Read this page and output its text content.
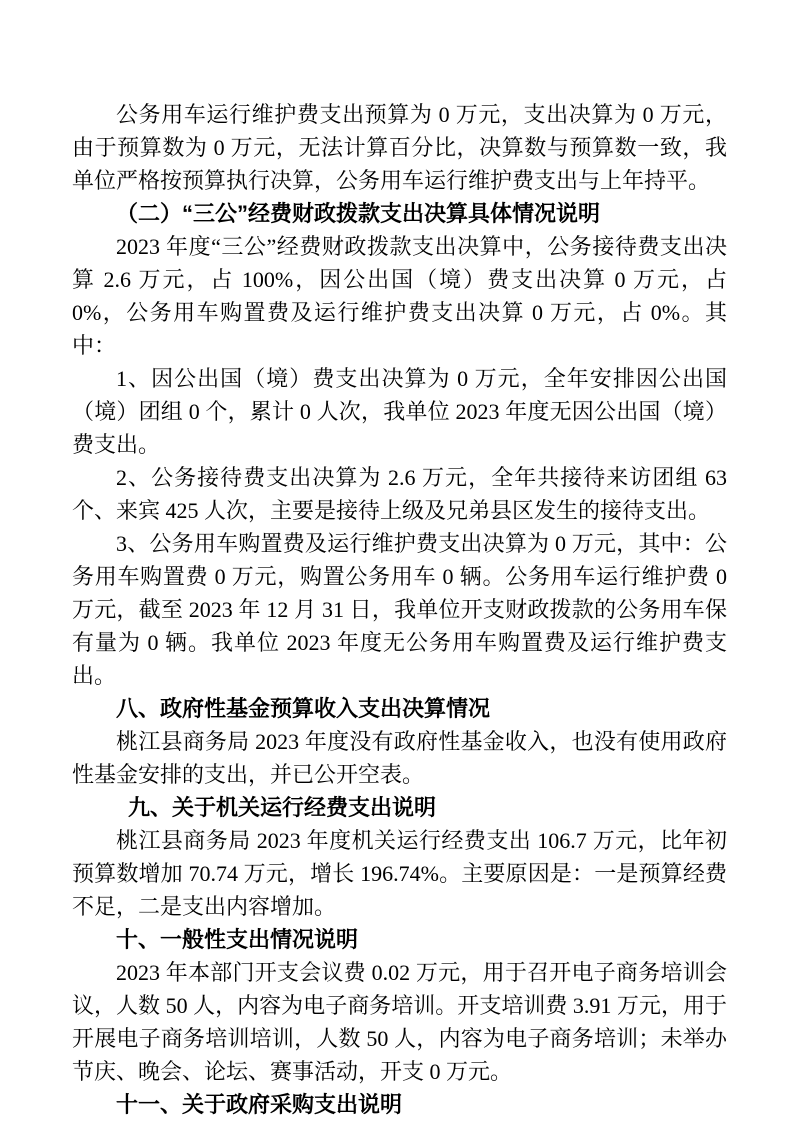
公务用车运行维护费支出预算为 0 万元，支出决算为 0 万元，由于预算数为 0 万元，无法计算百分比，决算数与预算数一致，我单位严格按预算执行决算，公务用车运行维护费支出与上年持平。

（二）“三公”经费财政拨款支出决算具体情况说明

2023 年度“三公”经费财政拨款支出决算中，公务接待费支出决算 2.6 万元，占 100%，因公出国（境）费支出决算 0 万元，占 0%，公务用车购置费及运行维护费支出决算 0 万元，占 0%。其中：

1、因公出国（境）费支出决算为 0 万元，全年安排因公出国（境）团组 0 个，累计 0 人次，我单位 2023 年度无因公出国（境）费支出。

2、公务接待费支出决算为 2.6 万元，全年共接待来访团组 63 个、来宾 425 人次，主要是接待上级及兄弟县区发生的接待支出。

3、公务用车购置费及运行维护费支出决算为 0 万元，其中：公务用车购置费 0 万元，购置公务用车 0 辆。公务用车运行维护费 0 万元，截至 2023 年 12 月 31 日，我单位开支财政拨款的公务用车保有量为 0 辆。我单位 2023 年度无公务用车购置费及运行维护费支出。

八、政府性基金预算收入支出决算情况

桃江县商务局 2023 年度没有政府性基金收入，也没有使用政府性基金安排的支出，并已公开空表。

九、关于机关运行经费支出说明

桃江县商务局 2023 年度机关运行经费支出 106.7 万元，比年初预算数增加 70.74 万元，增长 196.74%。主要原因是：一是预算经费不足，二是支出内容增加。

十、一般性支出情况说明

2023 年本部门开支会议费 0.02 万元，用于召开电子商务培训会议，人数 50 人，内容为电子商务培训。开支培训费 3.91 万元，用于开展电子商务培训培训，人数 50 人，内容为电子商务培训；未举办节庆、晚会、论坛、赛事活动，开支 0 万元。

十一、关于政府采购支出说明
